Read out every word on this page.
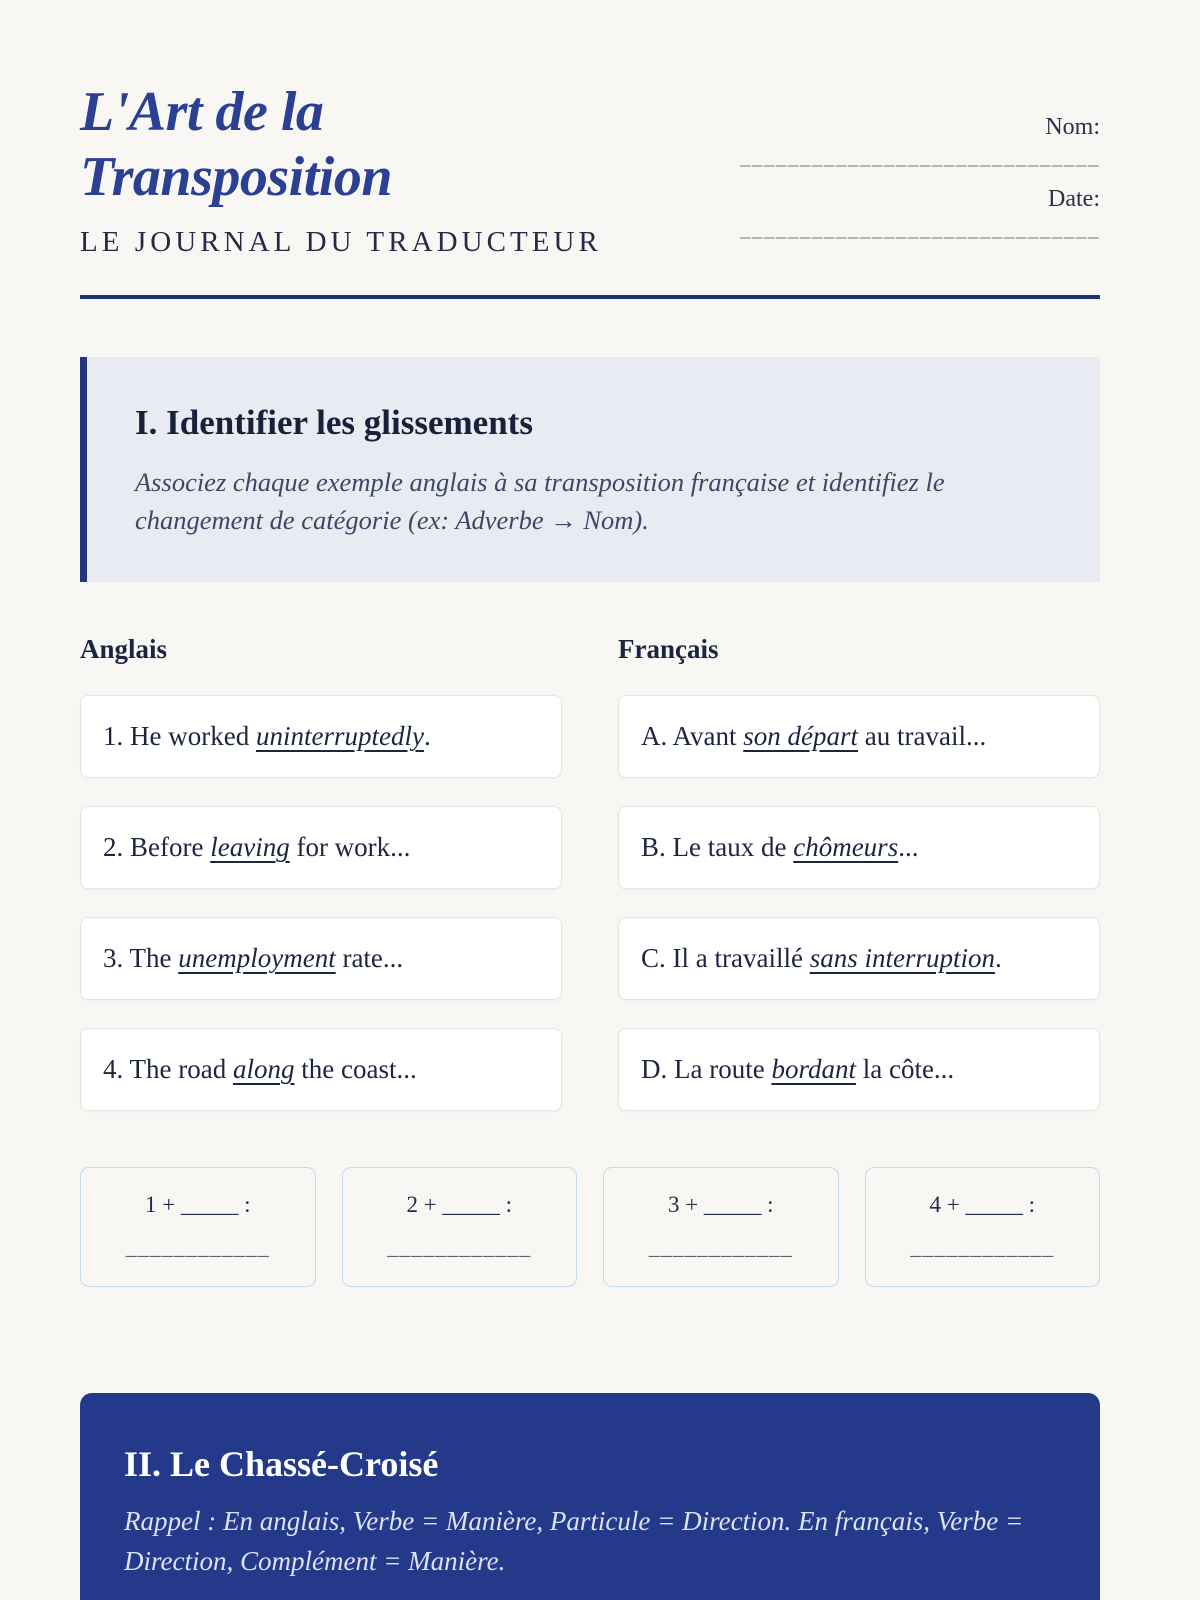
L'Art de la
Transposition
LE JOURNAL DU TRADUCTEUR
Nom:
______________________________
Date:
______________________________
I. Identifier les glissements

Associez chaque exemple anglais à sa transposition française et identifiez le changement de catégorie (ex: Adverbe → Nom).

Anglais	Français
1. He worked uninterruptedly.	A. Avant son départ au travail...
2. Before leaving for work...	B. Le taux de chômeurs...
3. The unemployment rate...	C. Il a travaillé sans interruption.
4. The road along the coast...	D. La route bordant la côte...
1 + _____ :
____________
2 + _____ :
____________
3 + _____ :
____________
4 + _____ :
____________
II. Le Chassé-Croisé

Rappel : En anglais, Verbe = Manière, Particule = Direction. En français, Verbe = Direction, Complément = Manière.
